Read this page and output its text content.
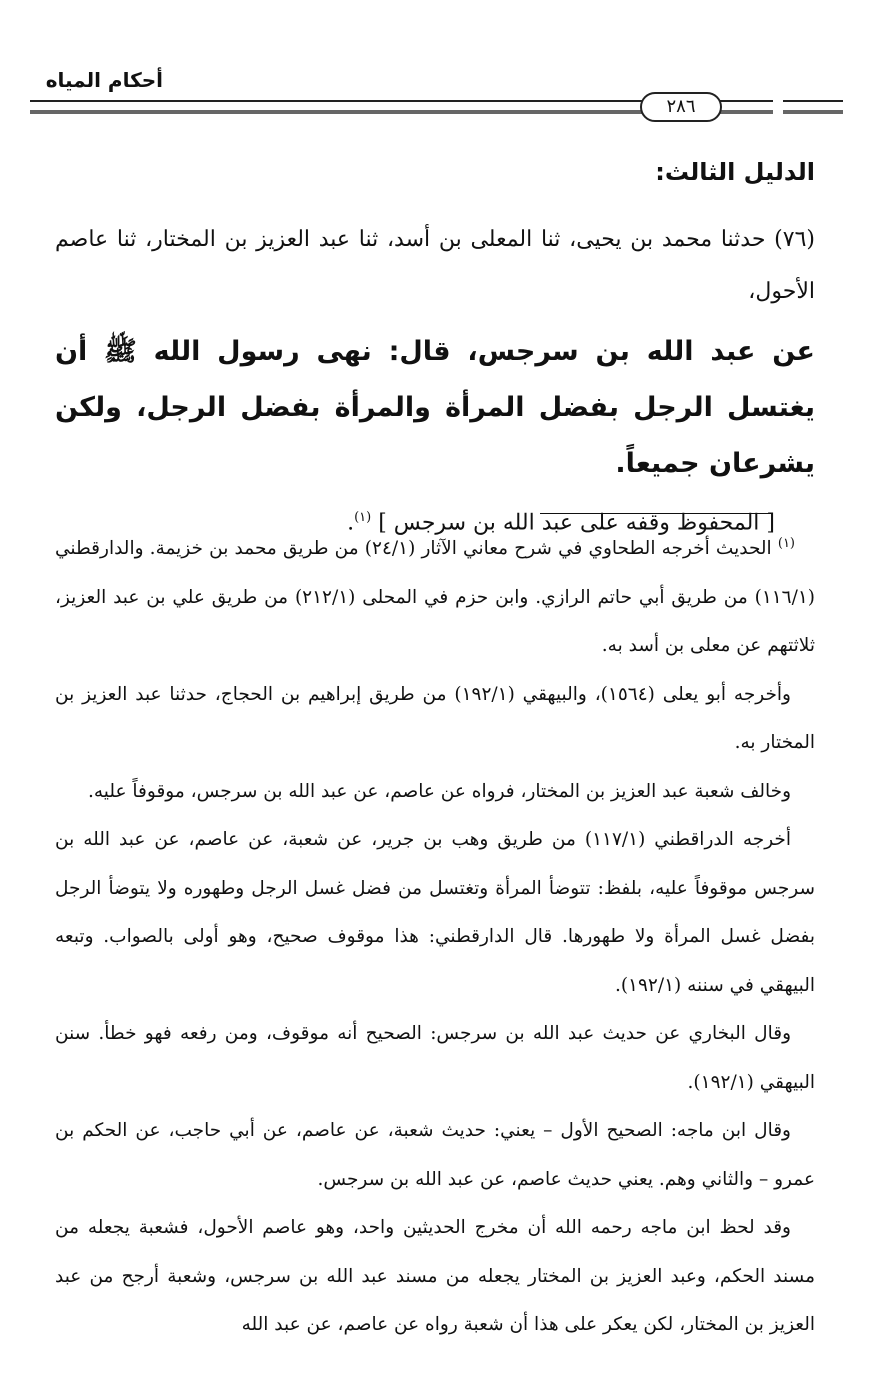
أحكام المياه
٢٨٦

الدليل الثالث:

(٧٦) حدثنا محمد بن يحيى، ثنا المعلى بن أسد، ثنا عبد العزيز بن المختار، ثنا عاصم الأحول،

عن عبد الله بن سرجس، قال: نهى رسول الله ﷺ أن يغتسل الرجل بفضل المرأة والمرأة بفضل الرجل، ولكن يشرعان جميعاً.

[ المحفوظ وقفه على عبد الله بن سرجس ] $^{(١)}$.

$^{(١)}$ الحديث أخرجه الطحاوي في شرح معاني الآثار (٢٤/١) من طريق محمد بن خزيمة. والدارقطني (١١٦/١) من طريق أبي حاتم الرازي. وابن حزم في المحلى (٢١٢/١) من طريق علي بن عبد العزيز، ثلاثتهم عن معلى بن أسد به.

وأخرجه أبو يعلى (١٥٦٤)، والبيهقي (١٩٢/١) من طريق إبراهيم بن الحجاج، حدثنا عبد العزيز بن المختار به.

وخالف شعبة عبد العزيز بن المختار، فرواه عن عاصم، عن عبد الله بن سرجس، موقوفاً عليه.

أخرجه الدراقطني (١١٧/١) من طريق وهب بن جرير، عن شعبة، عن عاصم، عن عبد الله بن سرجس موقوفاً عليه، بلفظ: تتوضأ المرأة وتغتسل من فضل غسل الرجل وطهوره ولا يتوضأ الرجل بفضل غسل المرأة ولا طهورها. قال الدارقطني: هذا موقوف صحيح، وهو أولى بالصواب. وتبعه البيهقي في سننه (١٩٢/١).

وقال البخاري عن حديث عبد الله بن سرجس: الصحيح أنه موقوف، ومن رفعه فهو خطأ. سنن البيهقي (١٩٢/١).

وقال ابن ماجه: الصحيح الأول – يعني: حديث شعبة، عن عاصم، عن أبي حاجب، عن الحكم بن عمرو – والثاني وهم. يعني حديث عاصم، عن عبد الله بن سرجس.

وقد لحظ ابن ماجه رحمه الله أن مخرج الحديثين واحد، وهو عاصم الأحول، فشعبة يجعله من مسند الحكم، وعبد العزيز بن المختار يجعله من مسند عبد الله بن سرجس، وشعبة أرجح من عبد العزيز بن المختار، لكن يعكر على هذا أن شعبة رواه عن عاصم، عن عبد الله
